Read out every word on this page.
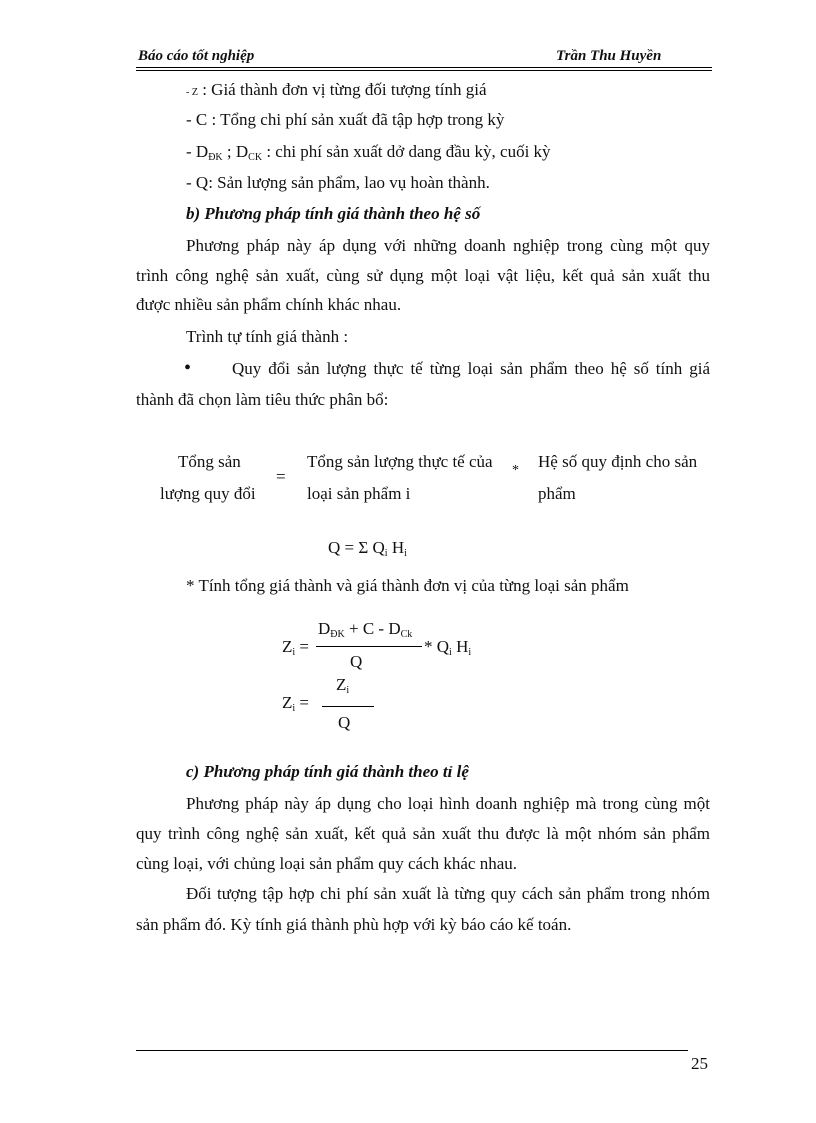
Báo cáo tốt nghiệp	Trần Thu Huyền
- Z : Giá thành đơn vị từng đối tượng tính giá
- C : Tổng chi phí sản xuất đã tập hợp trong kỳ
- $D_{ĐK}$ ; $D_{CK}$ : chi phí sản xuất dở dang đầu kỳ, cuối kỳ
- Q: Sản lượng sản phẩm, lao vụ hoàn thành.
b) Phương pháp tính giá thành theo hệ số
Phương pháp này áp dụng với những doanh nghiệp trong cùng một quy
trình công nghệ sản xuất, cùng sử dụng một loại vật liệu, kết quả sản xuất thu
được nhiều sản phẩm chính khác nhau.
Trình tự tính giá thành :
• Quy đổi sản lượng thực tế từng loại sản phẩm theo hệ số tính giá
thành đã chọn làm tiêu thức phân bổ:
Tổng sản
lượng quy đổi
=
Tổng sản lượng thực tế của
loại sản phẩm i
* Hệ số quy định cho sản
phẩm
Q = Σ $Q_i$ $H_i$
* Tính tổng giá thành và giá thành đơn vị của từng loại sản phẩm
$Z_i$ =
$D_{ĐK} + C - D_{Ck}$
Q
* $Q_i$ $H_i$
$Z_i$ =
$Z_i$
Q
c) Phương pháp tính giá thành theo tỉ lệ
Phương pháp này áp dụng cho loại hình doanh nghiệp mà trong cùng một
quy trình công nghệ sản xuất, kết quả sản xuất thu được là một nhóm sản phẩm
cùng loại, với chủng loại sản phẩm quy cách khác nhau.
Đối tượng tập hợp chi phí sản xuất là từng quy cách sản phẩm trong nhóm
sản phẩm đó. Kỳ tính giá thành phù hợp với kỳ báo cáo kế toán.
25
